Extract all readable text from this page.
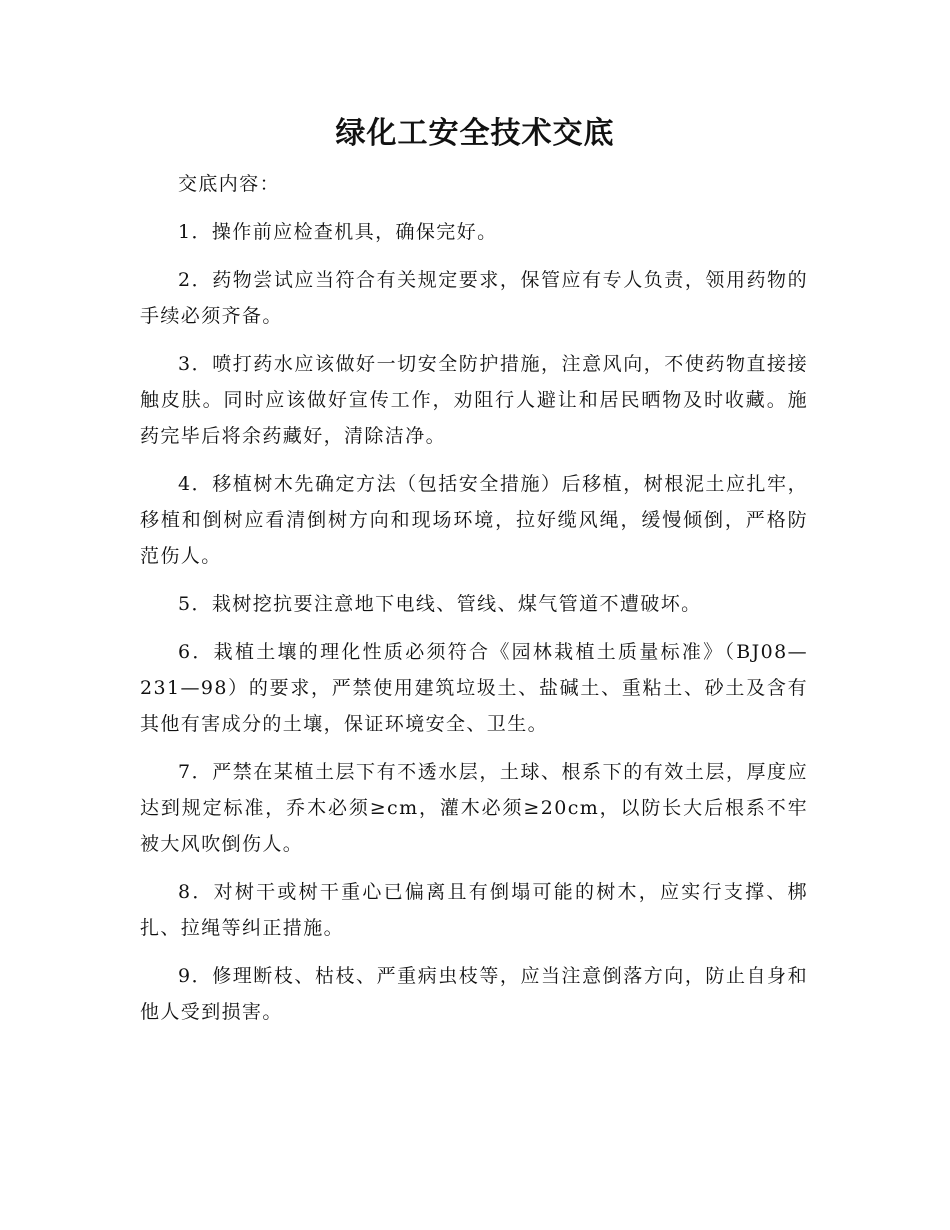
绿化工安全技术交底

交底内容：

1．操作前应检查机具，确保完好。

2．药物尝试应当符合有关规定要求，保管应有专人负责，领用药物的手续必须齐备。

3．喷打药水应该做好一切安全防护措施，注意风向，不使药物直接接触皮肤。同时应该做好宣传工作，劝阻行人避让和居民晒物及时收藏。施药完毕后将余药藏好，清除洁净。

4．移植树木先确定方法（包括安全措施）后移植，树根泥土应扎牢，移植和倒树应看清倒树方向和现场环境，拉好缆风绳，缓慢倾倒，严格防范伤人。

5．栽树挖抗要注意地下电线、管线、煤气管道不遭破坏。

6．栽植土壤的理化性质必须符合《园林栽植土质量标准》（BJ08—231—98）的要求，严禁使用建筑垃圾土、盐碱土、重粘土、砂土及含有其他有害成分的土壤，保证环境安全、卫生。

7．严禁在某植土层下有不透水层，土球、根系下的有效土层，厚度应达到规定标准，乔木必须≥cm，灌木必须≥20cm，以防长大后根系不牢被大风吹倒伤人。

8．对树干或树干重心已偏离且有倒塌可能的树木，应实行支撑、梆扎、拉绳等纠正措施。

9．修理断枝、枯枝、严重病虫枝等，应当注意倒落方向，防止自身和他人受到损害。
